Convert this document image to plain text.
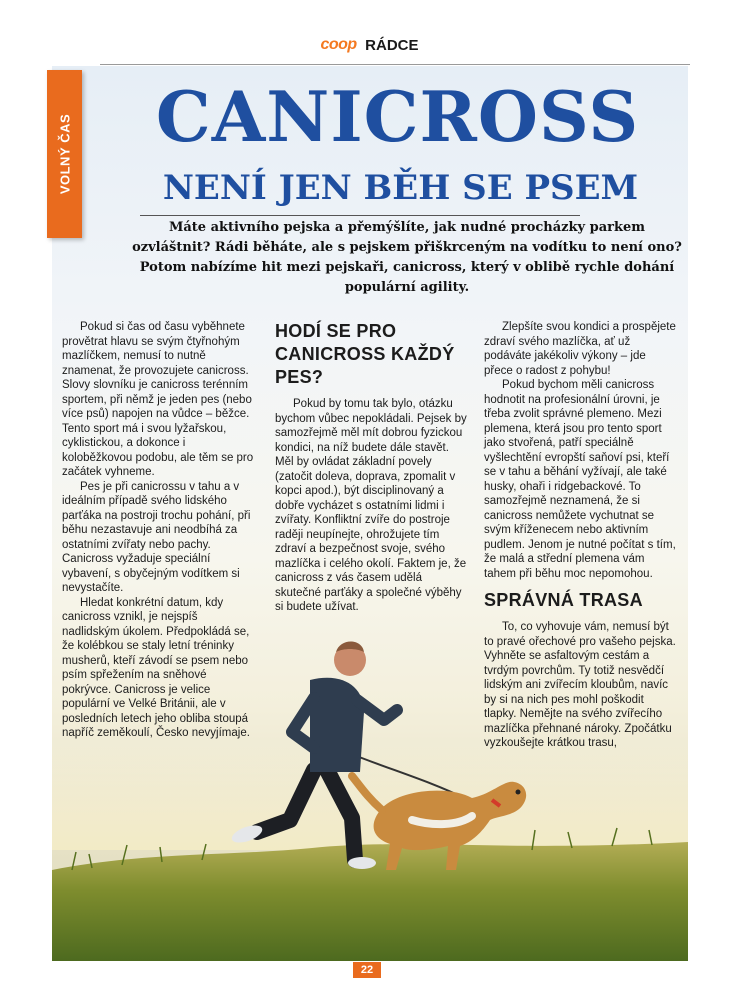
coop RÁDCE
VOLNÝ ČAS	CANICROSS
NENÍ JEN BĚH SE PSEM
Máte aktivního pejska a přemýšlíte, jak nudné procházky parkem ozvláštnit? Rádi běháte, ale s pejskem přiškrceným na vodítku to není ono? Potom nabízíme hit mezi pejskaři, canicross, který v oblibě rychle dohání populární agility.

Pokud si čas od času vyběhnete provětrat hlavu se svým čtyřnohým mazlíčkem, nemusí to nutně znamenat, že provozujete canicross. Slovy slovníku je canicross terénním sportem, při němž je jeden pes (nebo více psů) napojen na vůdce – běžce. Tento sport má i svou lyžařskou, cyklistickou, a dokonce i koloběžkovou podobu, ale těm se pro začátek vyhneme.

Pes je při canicrossu v tahu a v ideálním případě svého lidského parťáka na postroji trochu pohání, při běhu nezastavuje ani neodbíhá za ostatními zvířaty nebo pachy. Canicross vyžaduje speciální vybavení, s obyčejným vodítkem si nevystačíte.

Hledat konkrétní datum, kdy canicross vznikl, je nejspíš nadlidským úkolem. Předpokládá se, že kolébkou se staly letní tréninky musherů, kteří závodí se psem nebo psím spřežením na sněhové pokrývce. Canicross je velice populární ve Velké Británii, ale v posledních letech jeho obliba stoupá napříč zeměkoulí, Česko nevyjímaje.

HODÍ SE PRO CANICROSS KAŽDÝ PES?

Pokud by tomu tak bylo, otázku bychom vůbec nepokládali. Pejsek by samozřejmě měl mít dobrou fyzickou kondici, na níž budete dále stavět. Měl by ovládat základní povely (zatočit doleva, doprava, zpomalit v kopci apod.), být disciplinovaný a dobře vycházet s ostatními lidmi i zvířaty. Konfliktní zvíře do postroje raději neupínejte, ohrožujete tím zdraví a bezpečnost svoje, svého mazlíčka i celého okolí. Faktem je, že canicross z vás časem udělá skutečné parťáky a společné výběhy si budete užívat.

Zlepšíte svou kondici a prospějete zdraví svého mazlíčka, ať už podáváte jakékoliv výkony – jde přece o radost z pohybu!

Pokud bychom měli canicross hodnotit na profesionální úrovni, je třeba zvolit správné plemeno. Mezi plemena, která jsou pro tento sport jako stvořená, patří speciálně vyšlechtění evropští saňoví psi, kteří se v tahu a běhání vyžívají, ale také husky, ohaři i ridgebackové. To samozřejmě neznamená, že si canicross nemůžete vychutnat se svým kříženecem nebo aktivním pudlem. Jenom je nutné počítat s tím, že malá a střední plemena vám tahem při běhu moc nepomohou.

SPRÁVNÁ TRASA

To, co vyhovuje vám, nemusí být to pravé ořechové pro vašeho pejska. Vyhněte se asfaltovým cestám a tvrdým povrchům. Ty totiž nesvědčí lidským ani zvířecím kloubům, navíc by si na nich pes mohl poškodit tlapky. Nemějte na svého zvířecího mazlíčka přehnané nároky. Zpočátku vyzkoušejte krátkou trasu,

22
